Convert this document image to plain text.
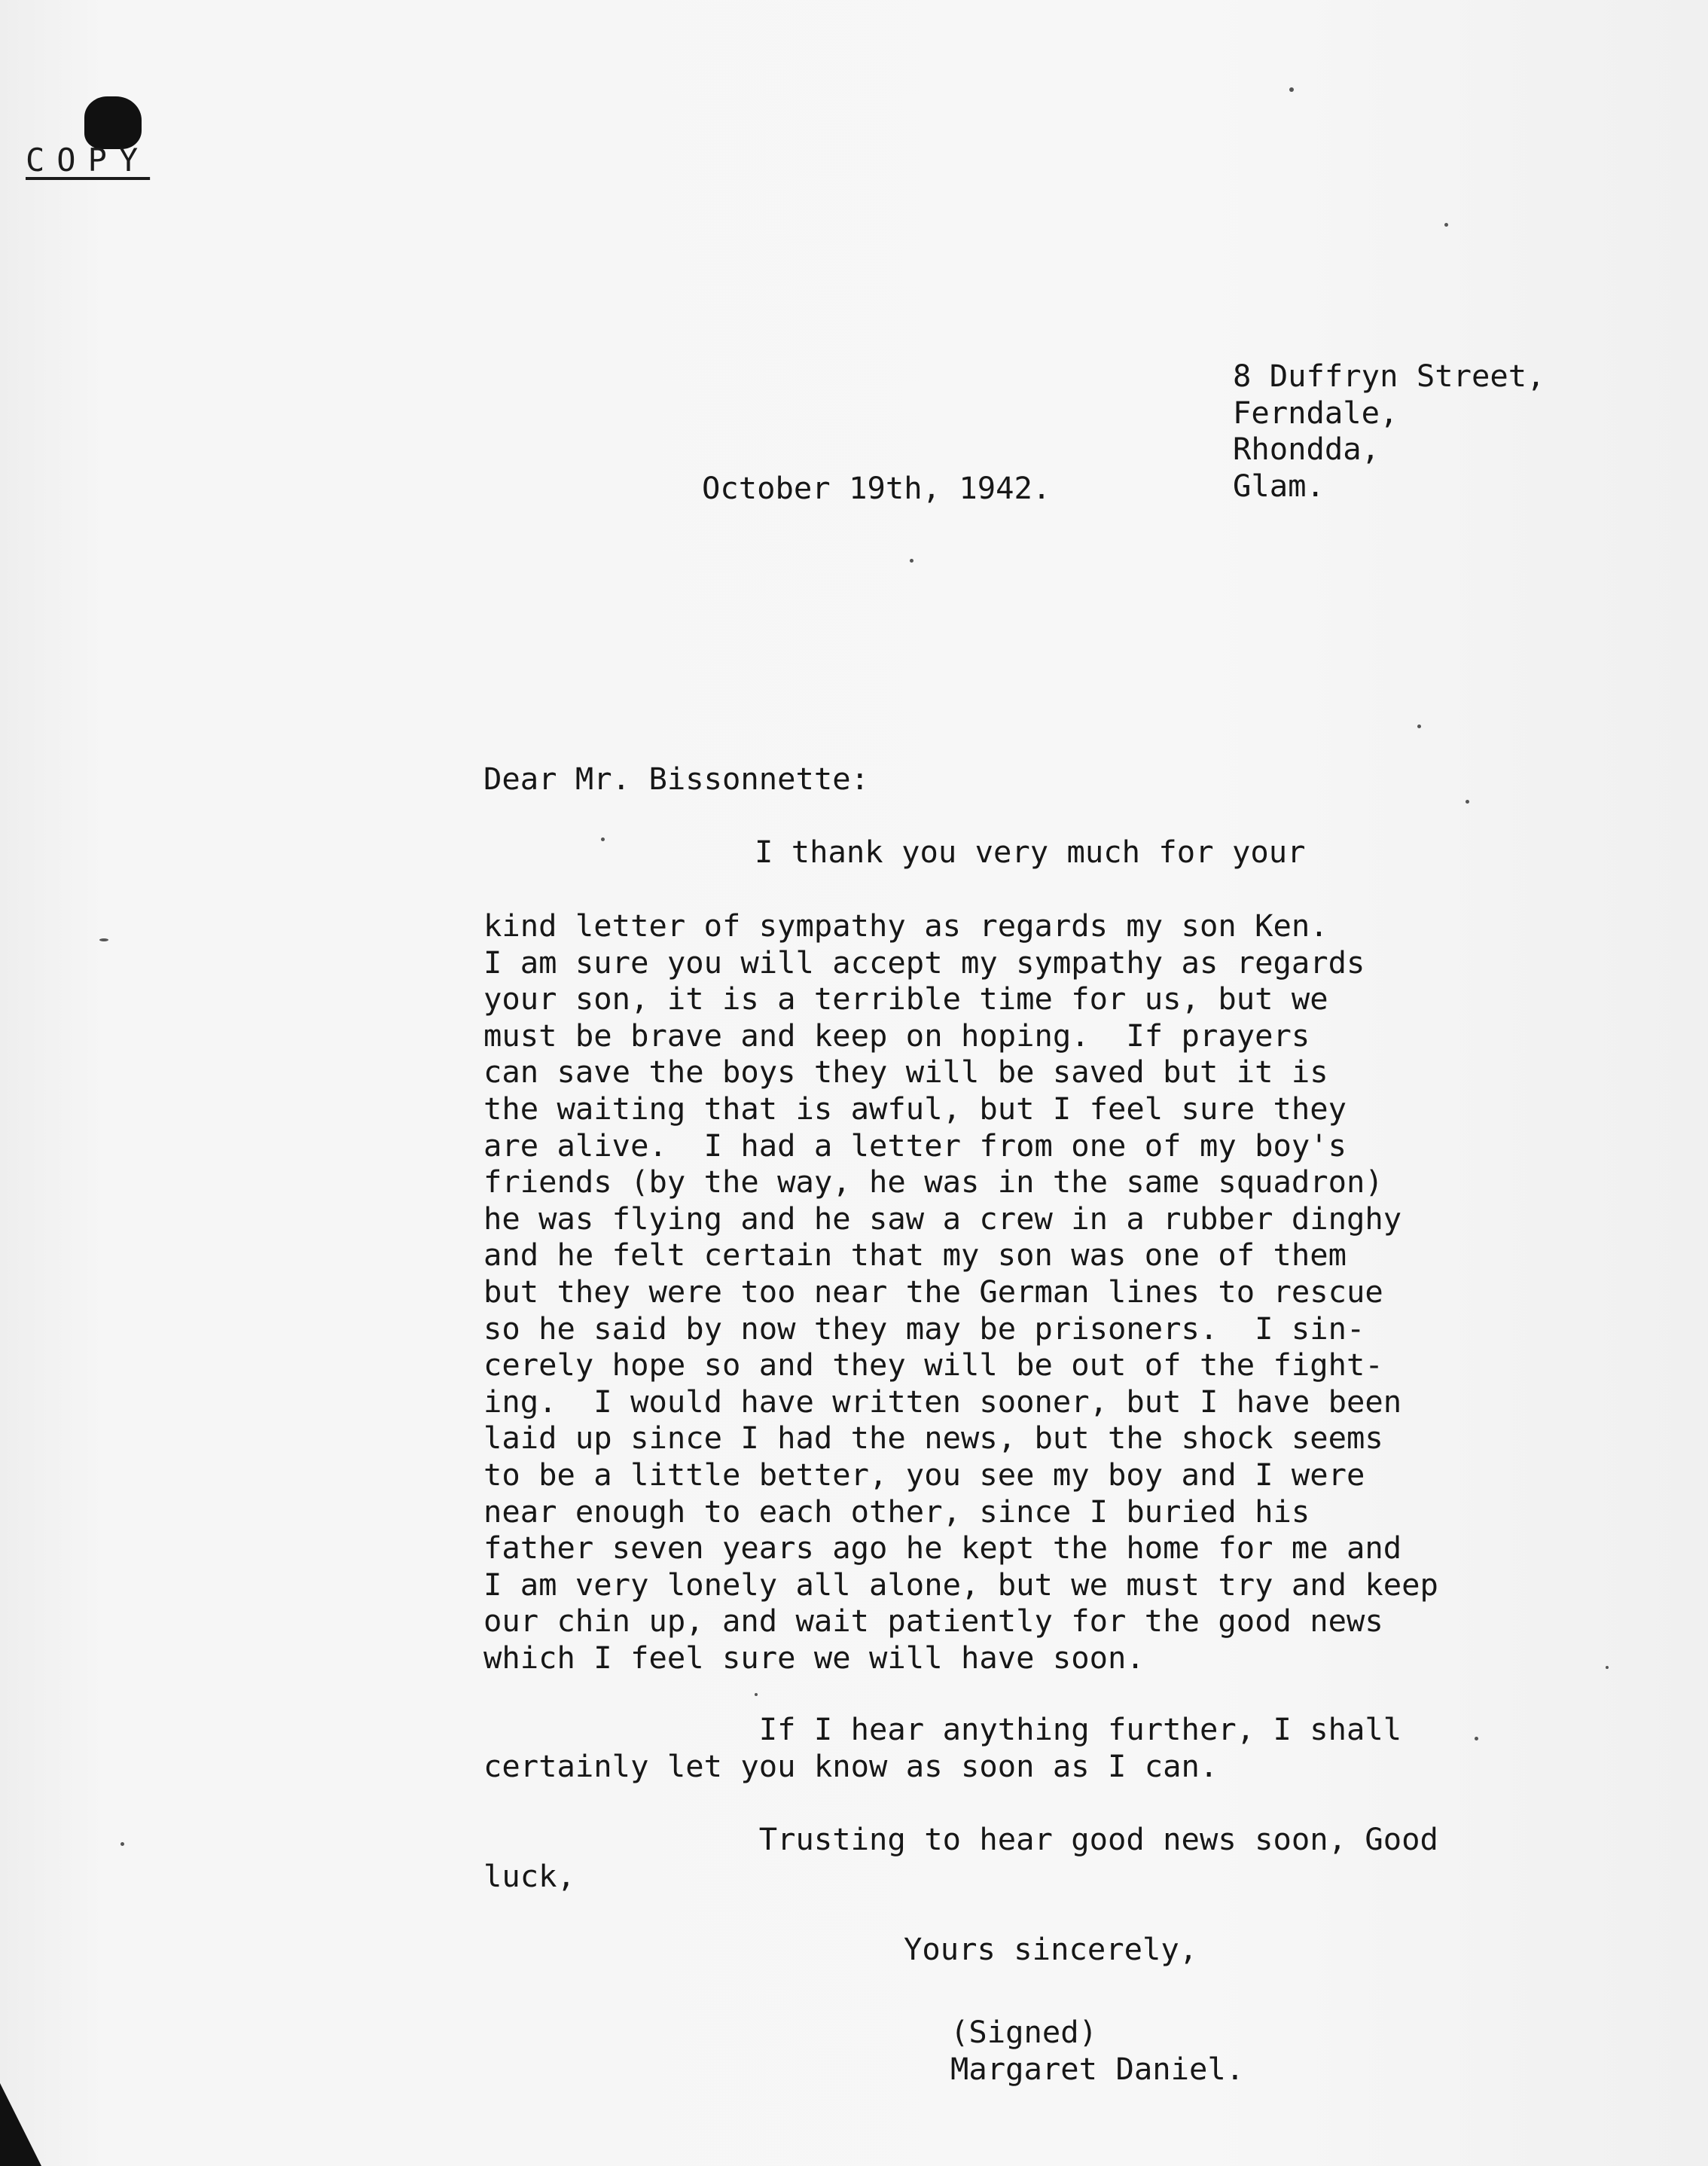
COPY
8 Duffryn Street,
Ferndale,
Rhondda,
Glam.
October 19th, 1942.
Dear Mr. Bissonnette:
I thank you very much for your
kind letter of sympathy as regards my son Ken.
I am sure you will accept my sympathy as regards
your son, it is a terrible time for us, but we
must be brave and keep on hoping.  If prayers
can save the boys they will be saved but it is
the waiting that is awful, but I feel sure they
are alive.  I had a letter from one of my boy's
friends (by the way, he was in the same squadron)
he was flying and he saw a crew in a rubber dinghy
and he felt certain that my son was one of them
but they were too near the German lines to rescue
so he said by now they may be prisoners.  I sin-
cerely hope so and they will be out of the fight-
ing.  I would have written sooner, but I have been
laid up since I had the news, but the shock seems
to be a little better, you see my boy and I were
near enough to each other, since I buried his
father seven years ago he kept the home for me and
I am very lonely all alone, but we must try and keep
our chin up, and wait patiently for the good news
which I feel sure we will have soon.
If I hear anything further, I shall
certainly let you know as soon as I can.
Trusting to hear good news soon, Good
luck,
Yours sincerely,
(Signed)
Margaret Daniel.
